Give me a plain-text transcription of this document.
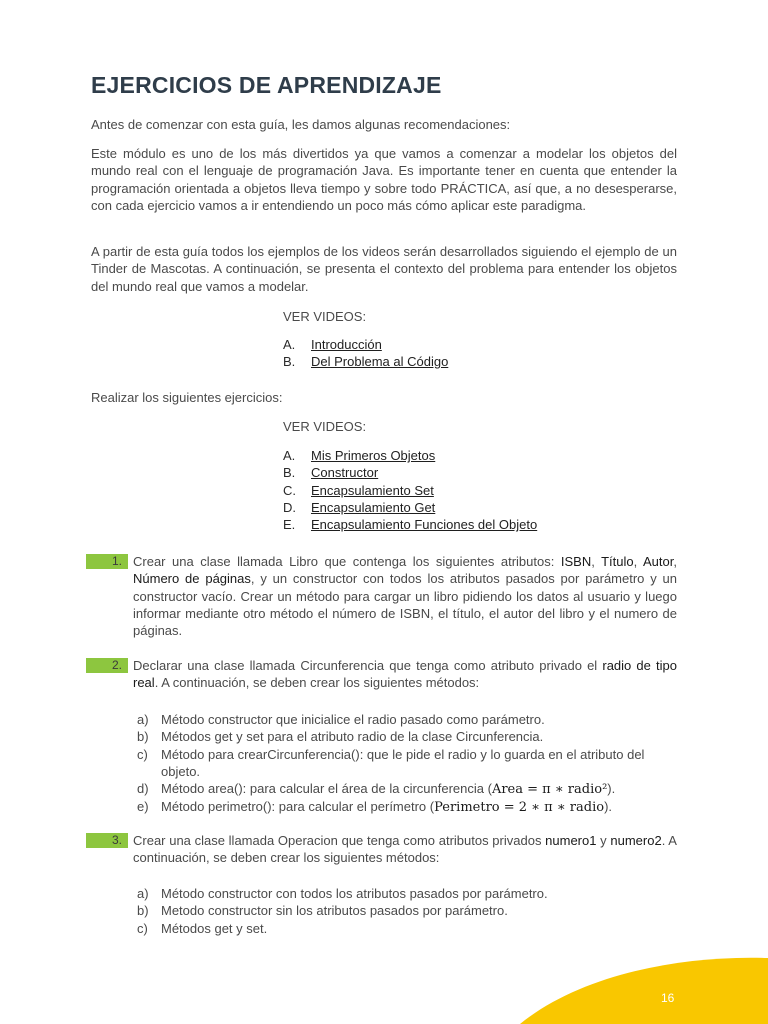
EJERCICIOS DE APRENDIZAJE

Antes de comenzar con esta guía, les damos algunas recomendaciones:

Este módulo es uno de los más divertidos ya que vamos a comenzar a modelar los objetos del mundo real con el lenguaje de programación Java. Es importante tener en cuenta que entender la programación orientada a objetos lleva tiempo y sobre todo PRÁCTICA, así que, a no desesperarse, con cada ejercicio vamos a ir entendiendo un poco más cómo aplicar este paradigma.

A partir de esta guía todos los ejemplos de los videos serán desarrollados siguiendo el ejemplo de un Tinder de Mascotas. A continuación, se presenta el contexto del problema para entender los objetos del mundo real que vamos a modelar.

VER VIDEOS:
A.	Introducción
B.	Del Problema al Código

Realizar los siguientes ejercicios:

VER VIDEOS:
A.	Mis Primeros Objetos
B.	Constructor
C.	Encapsulamiento Set
D.	Encapsulamiento Get
E.	Encapsulamiento Funciones del Objeto
1. Crear una clase llamada Libro que contenga los siguientes atributos: ISBN, Título, Autor, Número de páginas, y un constructor con todos los atributos pasados por parámetro y un constructor vacío. Crear un método para cargar un libro pidiendo los datos al usuario y luego informar mediante otro método el número de ISBN, el título, el autor del libro y el numero de páginas.
2. Declarar una clase llamada Circunferencia que tenga como atributo privado el radio de tipo real. A continuación, se deben crear los siguientes métodos:
a) Método constructor que inicialice el radio pasado como parámetro.
b) Métodos get y set para el atributo radio de la clase Circunferencia.
c)	Método para crearCircunferencia(): que le pide el radio y lo guarda en el atributo del objeto.
d) Método area(): para calcular el área de la circunferencia (Area = π ∗ radio²).
e) Método perimetro(): para calcular el perímetro (Perimetro = 2 ∗ π ∗ radio).
3. Crear una clase llamada Operacion que tenga como atributos privados numero1 y numero2. A continuación, se deben crear los siguientes métodos:
a) Método constructor con todos los atributos pasados por parámetro.
b) Metodo constructor sin los atributos pasados por parámetro.
c)	Métodos get y set.
16
